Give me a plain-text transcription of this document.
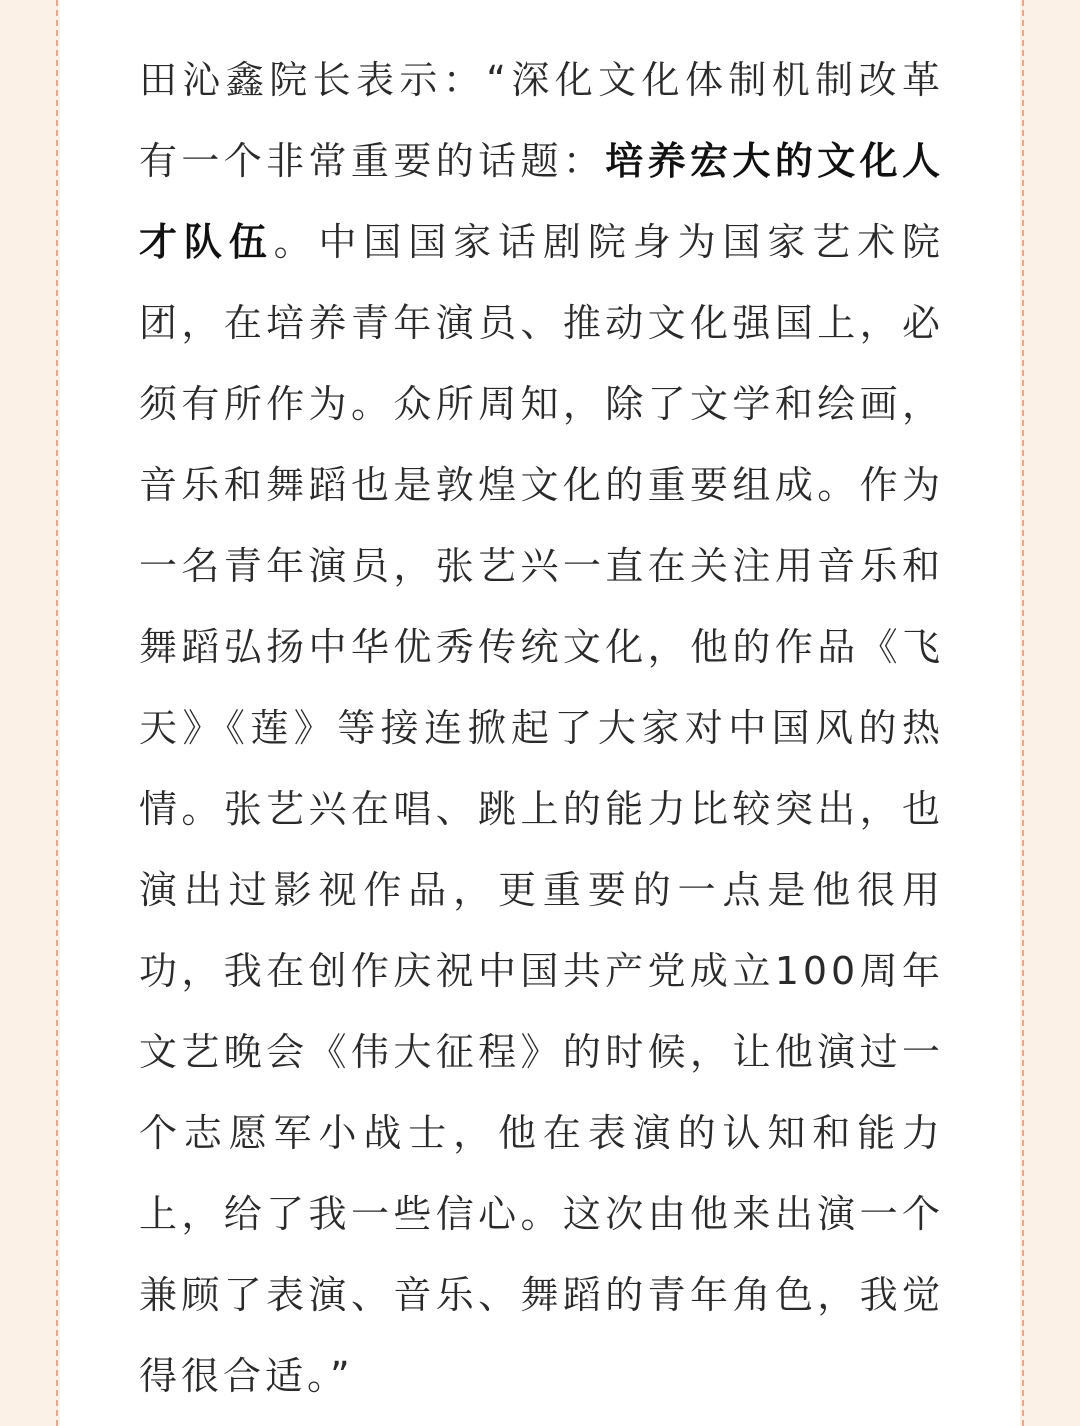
田沁鑫院长表示：“深化文化体制机制改革有一个非常重要的话题：培养宏大的文化人才队伍。中国国家话剧院身为国家艺术院团，在培养青年演员、推动文化强国上，必须有所作为。众所周知，除了文学和绘画，音乐和舞蹈也是敦煌文化的重要组成。作为一名青年演员，张艺兴一直在关注用音乐和舞蹈弘扬中华优秀传统文化，他的作品《飞天》《莲》等接连掀起了大家对中国风的热情。张艺兴在唱、跳上的能力比较突出，也演出过影视作品，更重要的一点是他很用功，我在创作庆祝中国共产党成立100周年文艺晚会《伟大征程》的时候，让他演过一个志愿军小战士，他在表演的认知和能力上，给了我一些信心。这次由他来出演一个兼顾了表演、音乐、舞蹈的青年角色，我觉得很合适。”
